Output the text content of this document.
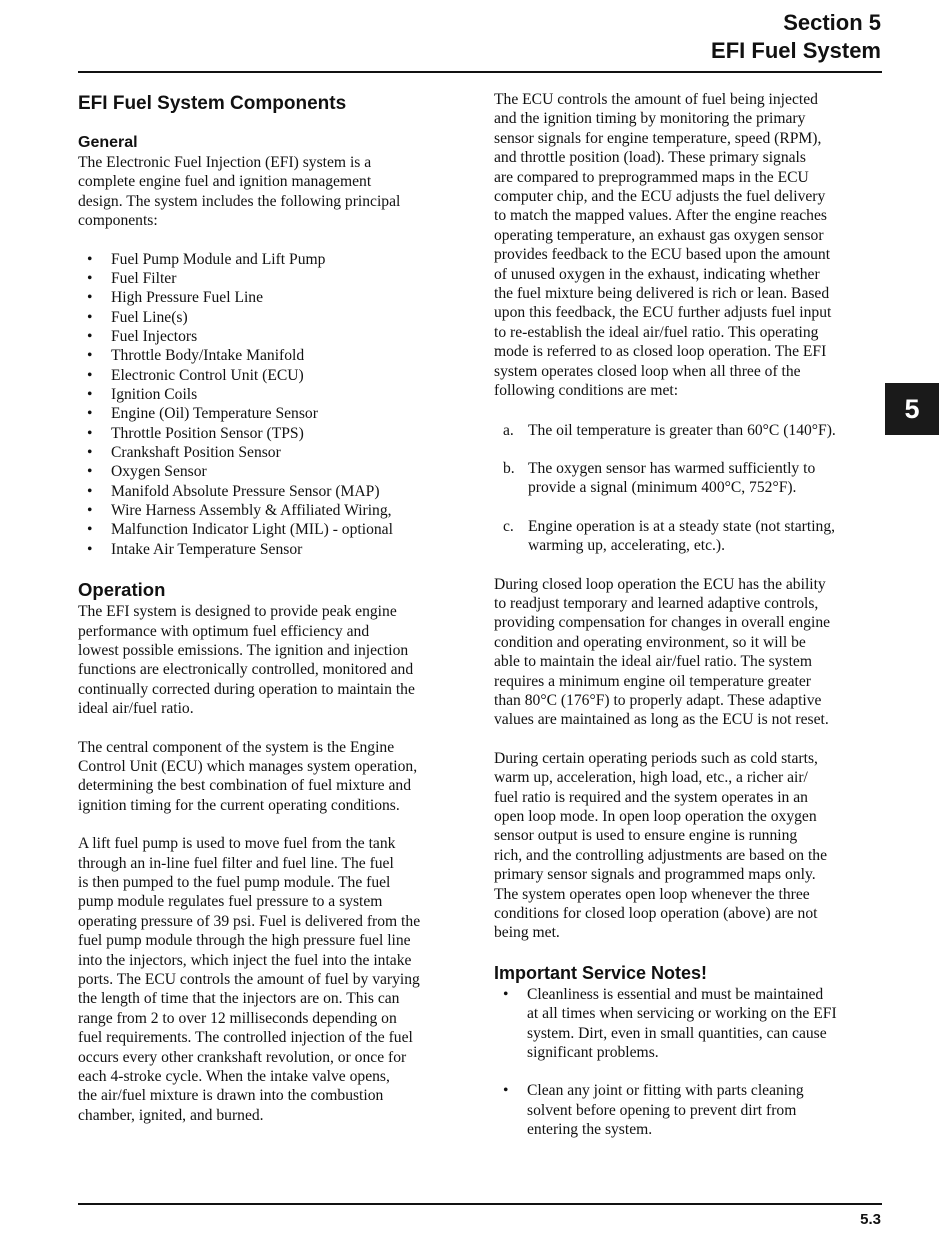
Section 5
EFI Fuel System
EFI Fuel System Components
General

The Electronic Fuel Injection (EFI) system is a
complete engine fuel and ignition management
design. The system includes the following principal
components:

• Fuel Pump Module and Lift Pump
• Fuel Filter
• High Pressure Fuel Line
• Fuel Line(s)
• Fuel Injectors
• Throttle Body/Intake Manifold
• Electronic Control Unit (ECU)
• Ignition Coils
• Engine (Oil) Temperature Sensor
• Throttle Position Sensor (TPS)
• Crankshaft Position Sensor
• Oxygen Sensor
• Manifold Absolute Pressure Sensor (MAP)
• Wire Harness Assembly & Affiliated Wiring,
• Malfunction Indicator Light (MIL) - optional
• Intake Air Temperature Sensor
Operation

The EFI system is designed to provide peak engine
performance with optimum fuel efficiency and
lowest possible emissions. The ignition and injection
functions are electronically controlled, monitored and
continually corrected during operation to maintain the
ideal air/fuel ratio.

The central component of the system is the Engine
Control Unit (ECU) which manages system operation,
determining the best combination of fuel mixture and
ignition timing for the current operating conditions.

A lift fuel pump is used to move fuel from the tank
through an in-line fuel filter and fuel line. The fuel
is then pumped to the fuel pump module. The fuel
pump module regulates fuel pressure to a system
operating pressure of 39 psi. Fuel is delivered from the
fuel pump module through the high pressure fuel line
into the injectors, which inject the fuel into the intake
ports. The ECU controls the amount of fuel by varying
the length of time that the injectors are on. This can
range from 2 to over 12 milliseconds depending on
fuel requirements. The controlled injection of the fuel
occurs every other crankshaft revolution, or once for
each 4-stroke cycle. When the intake valve opens,
the air/fuel mixture is drawn into the combustion
chamber, ignited, and burned.

The ECU controls the amount of fuel being injected
and the ignition timing by monitoring the primary
sensor signals for engine temperature, speed (RPM),
and throttle position (load). These primary signals
are compared to preprogrammed maps in the ECU
computer chip, and the ECU adjusts the fuel delivery
to match the mapped values. After the engine reaches
operating temperature, an exhaust gas oxygen sensor
provides feedback to the ECU based upon the amount
of unused oxygen in the exhaust, indicating whether
the fuel mixture being delivered is rich or lean. Based
upon this feedback, the ECU further adjusts fuel input
to re-establish the ideal air/fuel ratio. This operating
mode is referred to as closed loop operation. The EFI
system operates closed loop when all three of the
following conditions are met:

a. The oil temperature is greater than 60°C (140°F).
b. The oxygen sensor has warmed sufficiently to
provide a signal (minimum 400°C, 752°F).
c. Engine operation is at a steady state (not starting,
warming up, accelerating, etc.).

During closed loop operation the ECU has the ability
to readjust temporary and learned adaptive controls,
providing compensation for changes in overall engine
condition and operating environment, so it will be
able to maintain the ideal air/fuel ratio. The system
requires a minimum engine oil temperature greater
than 80°C (176°F) to properly adapt. These adaptive
values are maintained as long as the ECU is not reset.

During certain operating periods such as cold starts,
warm up, acceleration, high load, etc., a richer air/
fuel ratio is required and the system operates in an
open loop mode. In open loop operation the oxygen
sensor output is used to ensure engine is running
rich, and the controlling adjustments are based on the
primary sensor signals and programmed maps only.
The system operates open loop whenever the three
conditions for closed loop operation (above) are not
being met.

Important Service Notes!
• Cleanliness is essential and must be maintained
at all times when servicing or working on the EFI
system. Dirt, even in small quantities, can cause
significant problems.
• Clean any joint or fitting with parts cleaning
solvent before opening to prevent dirt from
entering the system.
5
5.3
